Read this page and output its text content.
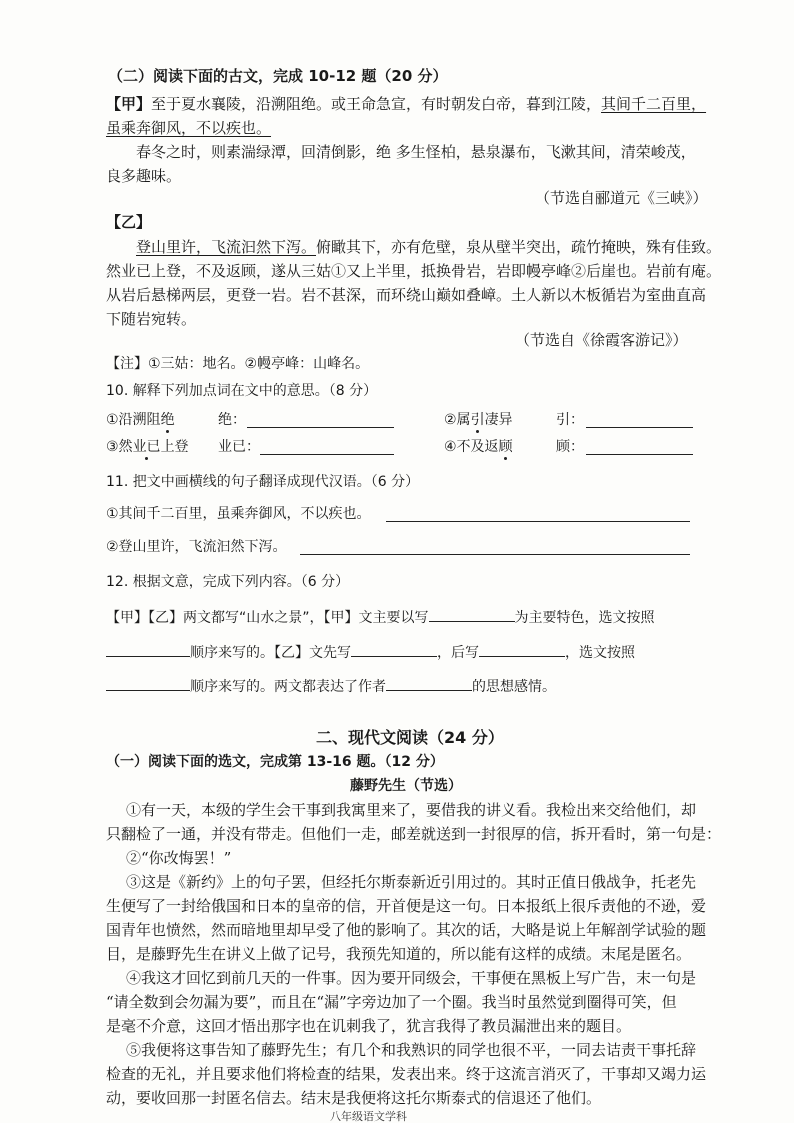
（二）阅读下面的古文，完成 10-12 题（20 分）
【甲】至于夏水襄陵，沿溯阻绝。或王命急宣，有时朝发白帝，暮到江陵，其间千二百里，
虽乘奔御风，不以疾也。
春冬之时，则素湍绿潭，回清倒影，绝 多生怪柏，悬泉瀑布，飞漱其间，清荣峻茂，
良多趣味。
（节选自郦道元《三峡》）
【乙】
登山里许，飞流汩然下泻。俯瞰其下，亦有危壁，泉从壁半突出，疏竹掩映，殊有佳致。
然业已上登，不及返顾，遂从三姑①又上半里，抵换骨岩，岩即幔亭峰②后崖也。岩前有庵。
从岩后悬梯两层，更登一岩。岩不甚深，而环绕山巅如叠嶂。土人新以木板循岩为室曲直高
下随岩宛转。
（节选自《徐霞客游记》）
【注】①三姑：地名。②幔亭峰：山峰名。
10. 解释下列加点词在文中的意思。（8 分）
①沿溯阻绝	绝：	②属引凄异	引：
③然业已上登 业已：	④不及返顾	顾：
11. 把文中画横线的句子翻译成现代汉语。（6 分）
①其间千二百里，虽乘奔御风，不以疾也。
②登山里许，飞流汩然下泻。
12. 根据文意，完成下列内容。（6 分）
【甲】【乙】两文都写“山水之景”，【甲】文主要以写	为主要特色，选文按照
顺序来写的。【乙】文先写	，后写	，选文按照
顺序来写的。两文都表达了作者	的思想感情。
二、现代文阅读（24 分）
（一）阅读下面的选文，完成第 13-16 题。（12 分）
藤野先生（节选）
①有一天，本级的学生会干事到我寓里来了，要借我的讲义看。我检出来交给他们，却
只翻检了一通，并没有带走。但他们一走，邮差就送到一封很厚的信，拆开看时，第一句是：
②“你改悔罢！”
③这是《新约》上的句子罢，但经托尔斯泰新近引用过的。其时正值日俄战争，托老先
生便写了一封给俄国和日本的皇帝的信，开首便是这一句。日本报纸上很斥责他的不逊，爱
国青年也愤然，然而暗地里却早受了他的影响了。其次的话，大略是说上年解剖学试验的题
目，是藤野先生在讲义上做了记号，我预先知道的，所以能有这样的成绩。末尾是匿名。
④我这才回忆到前几天的一件事。因为要开同级会，干事便在黑板上写广告，末一句是
“请全数到会勿漏为要”，而且在“漏”字旁边加了一个圈。我当时虽然觉到圈得可笑，但
是毫不介意，这回才悟出那字也在讥刺我了，犹言我得了教员漏泄出来的题目。
⑤我便将这事告知了藤野先生；有几个和我熟识的同学也很不平，一同去诘责干事托辞
检查的无礼，并且要求他们将检查的结果，发表出来。终于这流言消灭了，干事却又竭力运
动，要收回那一封匿名信去。结末是我便将这托尔斯泰式的信退还了他们。
八年级语文学科
